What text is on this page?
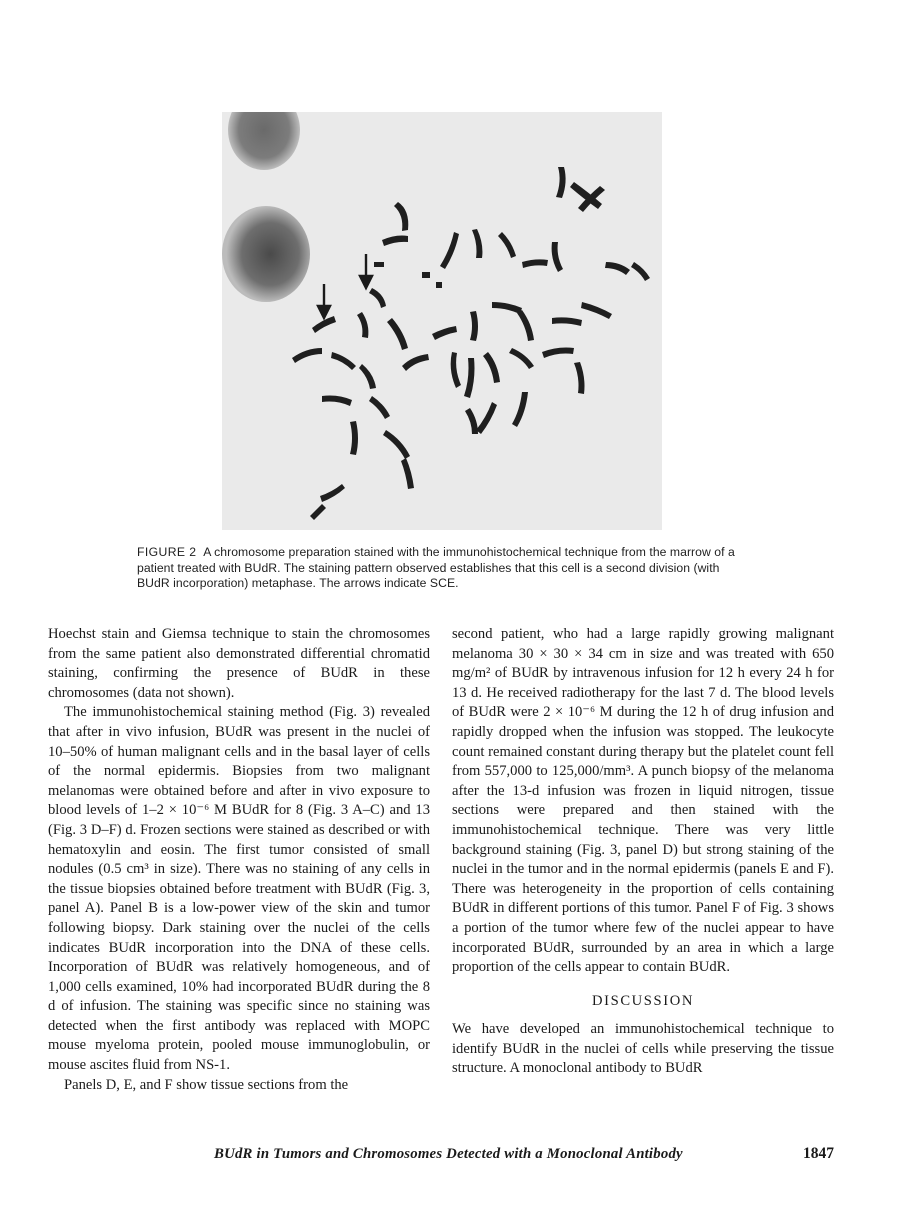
FIGURE 2 A chromosome preparation stained with the immunohistochemical technique from the marrow of a patient treated with BUdR. The staining pattern observed establishes that this cell is a second division (with BUdR incorporation) metaphase. The arrows indicate SCE.

Hoechst stain and Giemsa technique to stain the chromosomes from the same patient also demonstrated differential chromatid staining, confirming the presence of BUdR in these chromosomes (data not shown).

The immunohistochemical staining method (Fig. 3) revealed that after in vivo infusion, BUdR was present in the nuclei of 10–50% of human malignant cells and in the basal layer of cells of the normal epidermis. Biopsies from two malignant melanomas were obtained before and after in vivo exposure to blood levels of 1–2 × 10⁻⁶ M BUdR for 8 (Fig. 3 A–C) and 13 (Fig. 3 D–F) d. Frozen sections were stained as described or with hematoxylin and eosin. The first tumor consisted of small nodules (0.5 cm³ in size). There was no staining of any cells in the tissue biopsies obtained before treatment with BUdR (Fig. 3, panel A). Panel B is a low-power view of the skin and tumor following biopsy. Dark staining over the nuclei of the cells indicates BUdR incorporation into the DNA of these cells. Incorporation of BUdR was relatively homogeneous, and of 1,000 cells examined, 10% had incorporated BUdR during the 8 d of infusion. The staining was specific since no staining was detected when the first antibody was replaced with MOPC mouse myeloma protein, pooled mouse immunoglobulin, or mouse ascites fluid from NS-1.

Panels D, E, and F show tissue sections from the

second patient, who had a large rapidly growing malignant melanoma 30 × 30 × 34 cm in size and was treated with 650 mg/m² of BUdR by intravenous infusion for 12 h every 24 h for 13 d. He received radiotherapy for the last 7 d. The blood levels of BUdR were 2 × 10⁻⁶ M during the 12 h of drug infusion and rapidly dropped when the infusion was stopped. The leukocyte count remained constant during therapy but the platelet count fell from 557,000 to 125,000/mm³. A punch biopsy of the melanoma after the 13-d infusion was frozen in liquid nitrogen, tissue sections were prepared and then stained with the immunohistochemical technique. There was very little background staining (Fig. 3, panel D) but strong staining of the nuclei in the tumor and in the normal epidermis (panels E and F). There was heterogeneity in the proportion of cells containing BUdR in different portions of this tumor. Panel F of Fig. 3 shows a portion of the tumor where few of the nuclei appear to have incorporated BUdR, surrounded by an area in which a large proportion of the cells appear to contain BUdR.

DISCUSSION

We have developed an immunohistochemical technique to identify BUdR in the nuclei of cells while preserving the tissue structure. A monoclonal antibody to BUdR

BUdR in Tumors and Chromosomes Detected with a Monoclonal Antibody	1847
